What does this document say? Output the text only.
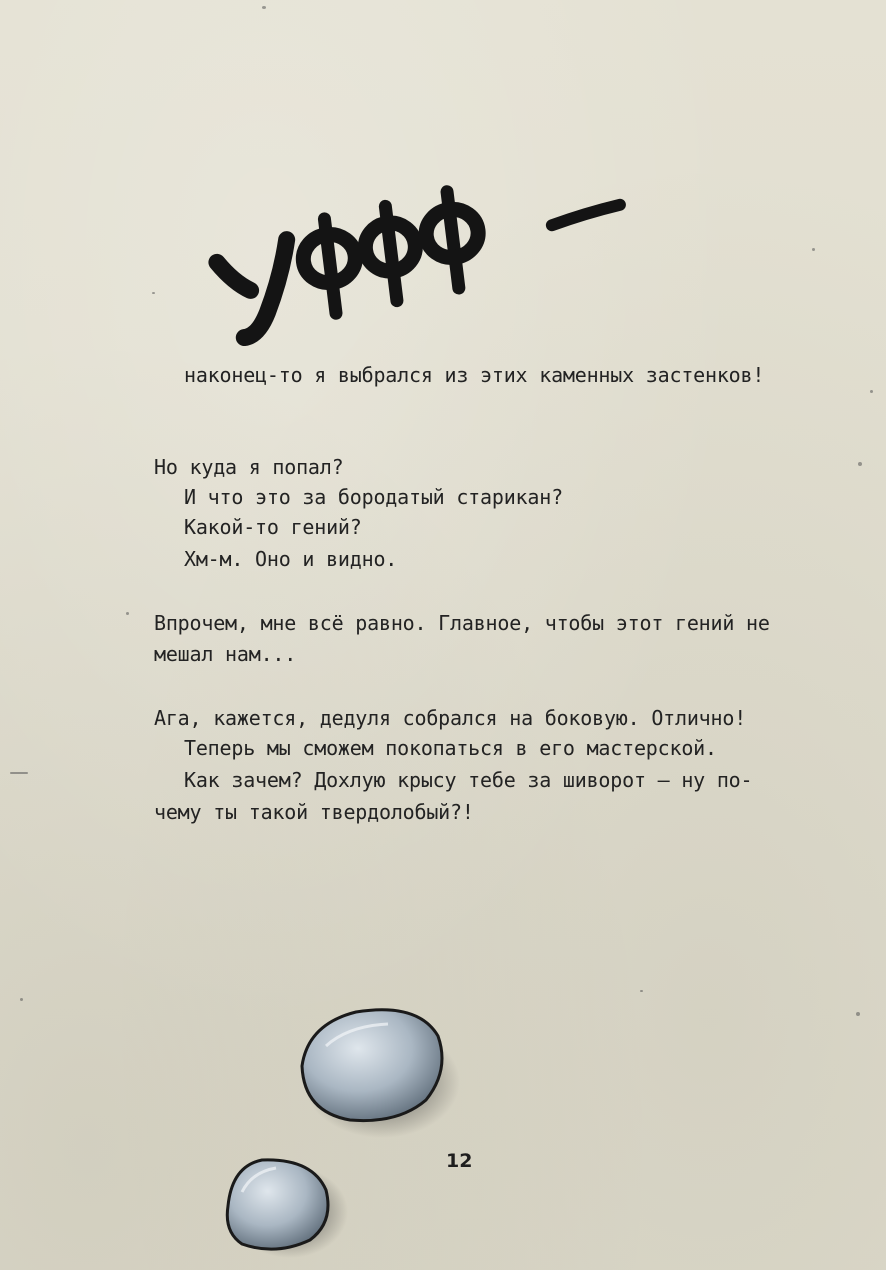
наконец-то я выбрался из этих каменных застенков!
Но куда я попал?
И что это за бородатый старикан?
Какой-то гений?
Хм-м. Оно и видно.
Впрочем, мне всё равно. Главное, чтобы этот гений не
мешал нам...
Ага, кажется, дедуля собрался на боковую. Отлично!
Теперь мы сможем покопаться в его мастерской.
Как зачем? Дохлую крысу тебе за шиворот — ну по-
чему ты такой твердолобый?!
12
